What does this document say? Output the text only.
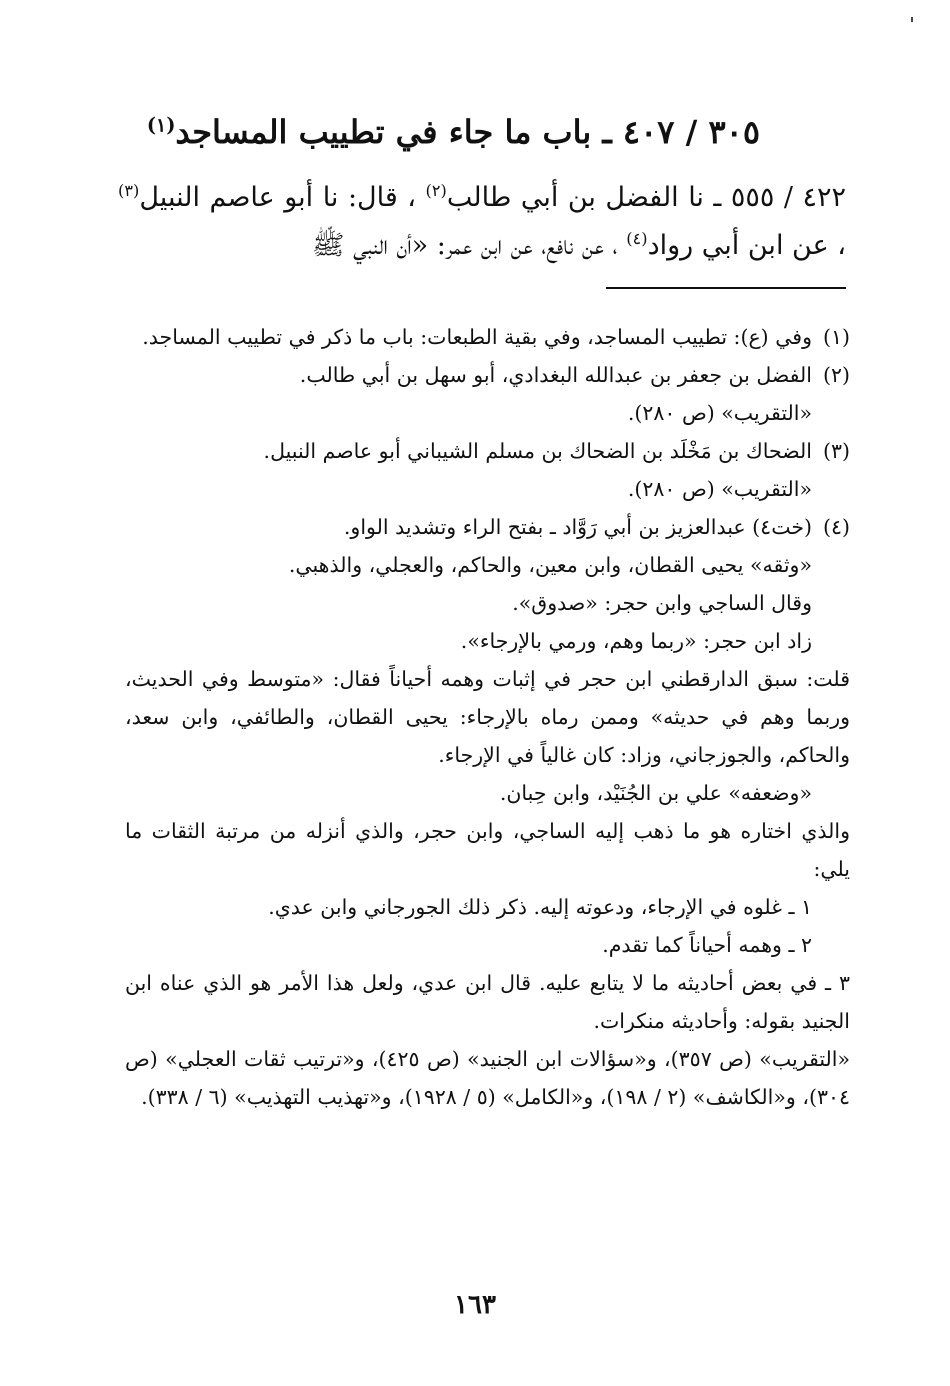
٣٠٥ / ٤٠٧ ـ باب ما جاء في تطييب المساجد$^{(١)}$

٤٢٢ / ٥٥٥ ـ نا الفضل بن أبي طالب$^{(٢)}$ ، قال: نا أبو عاصم النبيل$^{(٣)}$ ، عن ابن أبي رواد$^{(٤)}$ ، عن نافع، عن ابن عمر: «أن النبي ﷺ

(١)

وفي (ع): تطييب المساجد، وفي بقية الطبعات: باب ما ذكر في تطييب المساجد.

(٢)

الفضل بن جعفر بن عبدالله البغدادي، أبو سهل بن أبي طالب.

«التقريب» (ص ٢٨٠).

(٣)

الضحاك بن مَخْلَد بن الضحاك بن مسلم الشيباني أبو عاصم النبيل.

«التقريب» (ص ٢٨٠).

(٤)

(خت٤) عبدالعزيز بن أبي رَوَّاد ـ بفتح الراء وتشديد الواو.

«وثقه» يحيى القطان، وابن معين، والحاكم، والعجلي، والذهبي.

وقال الساجي وابن حجر: «صدوق».

زاد ابن حجر: «ربما وهم، ورمي بالإرجاء».

قلت: سبق الدارقطني ابن حجر في إثبات وهمه أحياناً فقال: «متوسط وفي الحديث، وربما وهم في حديثه» وممن رماه بالإرجاء: يحيى القطان، والطائفي، وابن سعد، والحاكم، والجوزجاني، وزاد: كان غالياً في الإرجاء.

«وضعفه» علي بن الجُنَيْد، وابن حِبان.

والذي اختاره هو ما ذهب إليه الساجي، وابن حجر، والذي أنزله من مرتبة الثقات ما يلي:

١ ـ غلوه في الإرجاء، ودعوته إليه. ذكر ذلك الجورجاني وابن عدي.

٢ ـ وهمه أحياناً كما تقدم.

٣ ـ في بعض أحاديثه ما لا يتابع عليه. قال ابن عدي، ولعل هذا الأمر هو الذي عناه ابن الجنيد بقوله: وأحاديثه منكرات.

«التقريب» (ص ٣٥٧)، و«سؤالات ابن الجنيد» (ص ٤٢٥)، و«ترتيب ثقات العجلي» (ص ٣٠٤)، و«الكاشف» (٢ / ١٩٨)، و«الكامل» (٥ / ١٩٢٨)، و«تهذيب التهذيب» (٦ / ٣٣٨).

١٦٣
